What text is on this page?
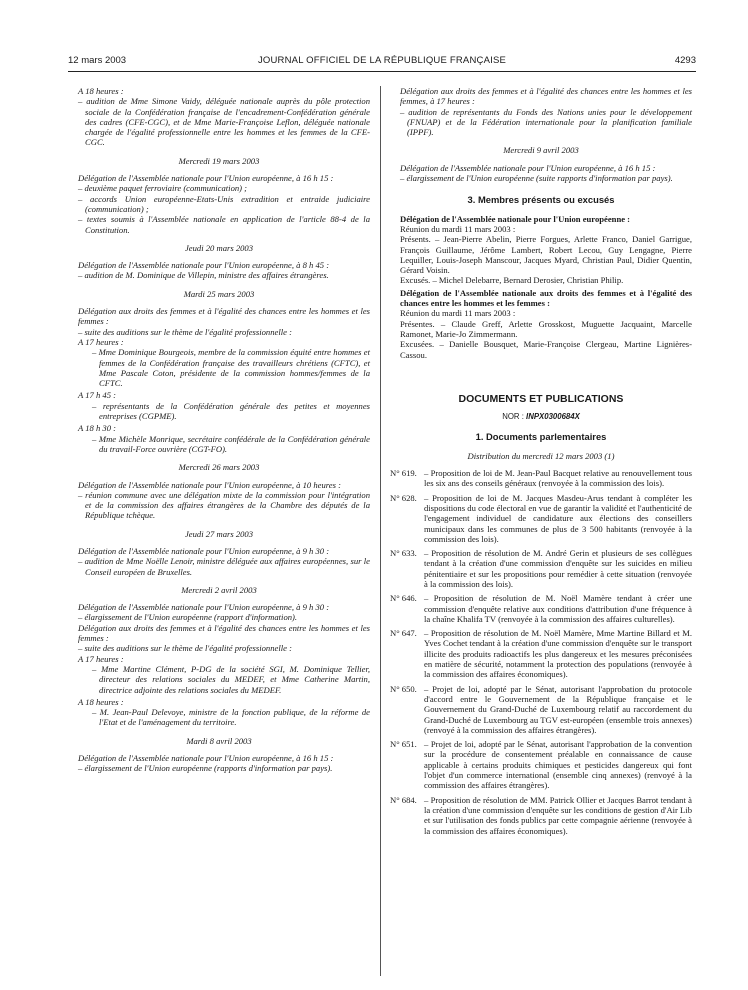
12 mars 2003	JOURNAL OFFICIEL DE LA RÉPUBLIQUE FRANÇAISE	4293

A 18 heures :

– audition de Mme Simone Vaidy, déléguée nationale auprès du pôle protection sociale de la Confédération française de l'encadrement-Confédération générale des cadres (CFE-CGC), et de Mme Marie-Françoise Leflon, déléguée nationale chargée de l'égalité professionnelle entre les hommes et les femmes de la CFE-CGC.

Mercredi 19 mars 2003

Délégation de l'Assemblée nationale pour l'Union européenne, à 16 h 15 :

– deuxième paquet ferroviaire (communication) ;

– accords Union européenne-Etats-Unis extradition et entraide judiciaire (communication) ;

– textes soumis à l'Assemblée nationale en application de l'article 88-4 de la Constitution.

Jeudi 20 mars 2003

Délégation de l'Assemblée nationale pour l'Union européenne, à 8 h 45 :

– audition de M. Dominique de Villepin, ministre des affaires étrangères.

Mardi 25 mars 2003

Délégation aux droits des femmes et à l'égalité des chances entre les hommes et les femmes :

– suite des auditions sur le thème de l'égalité professionnelle :

A 17 heures :

– Mme Dominique Bourgeois, membre de la commission équité entre hommes et femmes de la Confédération française des travailleurs chrétiens (CFTC), et Mme Pascale Coton, présidente de la commission hommes/femmes de la CFTC.

A 17 h 45 :

– représentants de la Confédération générale des petites et moyennes entreprises (CGPME).

A 18 h 30 :

– Mme Michèle Monrique, secrétaire confédérale de la Confédération générale du travail-Force ouvrière (CGT-FO).

Mercredi 26 mars 2003

Délégation de l'Assemblée nationale pour l'Union européenne, à 10 heures :

– réunion commune avec une délégation mixte de la commission pour l'intégration et de la commission des affaires étrangères de la Chambre des députés de la République tchèque.

Jeudi 27 mars 2003

Délégation de l'Assemblée nationale pour l'Union européenne, à 9 h 30 :

– audition de Mme Noëlle Lenoir, ministre déléguée aux affaires européennes, sur le Conseil européen de Bruxelles.

Mercredi 2 avril 2003

Délégation de l'Assemblée nationale pour l'Union européenne, à 9 h 30 :

– élargissement de l'Union européenne (rapport d'information).

Délégation aux droits des femmes et à l'égalité des chances entre les hommes et les femmes :

– suite des auditions sur le thème de l'égalité professionnelle :

A 17 heures :

– Mme Martine Clément, P-DG de la société SGI, M. Dominique Tellier, directeur des relations sociales du MEDEF, et Mme Catherine Martin, directrice adjointe des relations sociales du MEDEF.

A 18 heures :

– M. Jean-Paul Delevoye, ministre de la fonction publique, de la réforme de l'Etat et de l'aménagement du territoire.

Mardi 8 avril 2003

Délégation de l'Assemblée nationale pour l'Union européenne, à 16 h 15 :

– élargissement de l'Union européenne (rapports d'information par pays).

Délégation aux droits des femmes et à l'égalité des chances entre les hommes et les femmes, à 17 heures :

– audition de représentants du Fonds des Nations unies pour le développement (FNUAP) et de la Fédération internationale pour la planification familiale (IPPF).

Mercredi 9 avril 2003

Délégation de l'Assemblée nationale pour l'Union européenne, à 16 h 15 :

– élargissement de l'Union européenne (suite rapports d'information par pays).

3. Membres présents ou excusés

Délégation de l'Assemblée nationale pour l'Union européenne :

Réunion du mardi 11 mars 2003 :

Présents. – Jean-Pierre Abelin, Pierre Forgues, Arlette Franco, Daniel Garrigue, François Guillaume, Jérôme Lambert, Robert Lecou, Guy Lengagne, Pierre Lequiller, Louis-Joseph Manscour, Jacques Myard, Christian Paul, Didier Quentin, Gérard Voisin.

Excusés. – Michel Delebarre, Bernard Derosier, Christian Philip.

Délégation de l'Assemblée nationale aux droits des femmes et à l'égalité des chances entre les hommes et les femmes :

Réunion du mardi 11 mars 2003 :

Présentes. – Claude Greff, Arlette Grosskost, Muguette Jacquaint, Marcelle Ramonet, Marie-Jo Zimmermann.

Excusées. – Danielle Bousquet, Marie-Françoise Clergeau, Martine Lignières-Cassou.

DOCUMENTS ET PUBLICATIONS

NOR : INPX0300684X

1. Documents parlementaires

Distribution du mercredi 12 mars 2003 (1)

N° 619. – Proposition de loi de M. Jean-Paul Bacquet relative au renouvellement tous les six ans des conseils généraux (renvoyée à la commission des lois).

N° 628. – Proposition de loi de M. Jacques Masdeu-Arus tendant à compléter les dispositions du code électoral en vue de garantir la validité et l'authenticité de l'engagement individuel de candidature aux élections des conseillers municipaux dans les communes de plus de 3 500 habitants (renvoyée à la commission des lois).

N° 633. – Proposition de résolution de M. André Gerin et plusieurs de ses collègues tendant à la création d'une commission d'enquête sur les suicides en milieu pénitentiaire et sur les propositions pour remédier à cette situation (renvoyée à la commission des lois).

N° 646. – Proposition de résolution de M. Noël Mamère tendant à créer une commission d'enquête relative aux conditions d'attribution d'une fréquence à la chaîne Khalifa TV (renvoyée à la commission des affaires culturelles).

N° 647. – Proposition de résolution de M. Noël Mamère, Mme Martine Billard et M. Yves Cochet tendant à la création d'une commission d'enquête sur le transport illicite des produits radioactifs les plus dangereux et les mesures préconisées en matière de sécurité, notamment la protection des populations (renvoyée à la commission des affaires économiques).

N° 650. – Projet de loi, adopté par le Sénat, autorisant l'approbation du protocole d'accord entre le Gouvernement de la République française et le Gouvernement du Grand-Duché de Luxembourg relatif au raccordement du Grand-Duché de Luxembourg au TGV est-européen (ensemble trois annexes) (renvoyé à la commission des affaires étrangères).

N° 651. – Projet de loi, adopté par le Sénat, autorisant l'approbation de la convention sur la procédure de consentement préalable en connaissance de cause applicable à certains produits chimiques et pesticides dangereux qui font l'objet d'un commerce international (ensemble cinq annexes) (renvoyé à la commission des affaires étrangères).

N° 684. – Proposition de résolution de MM. Patrick Ollier et Jacques Barrot tendant à la création d'une commission d'enquête sur les conditions de gestion d'Air Lib et sur l'utilisation des fonds publics par cette compagnie aérienne (renvoyée à la commission des affaires économiques).
